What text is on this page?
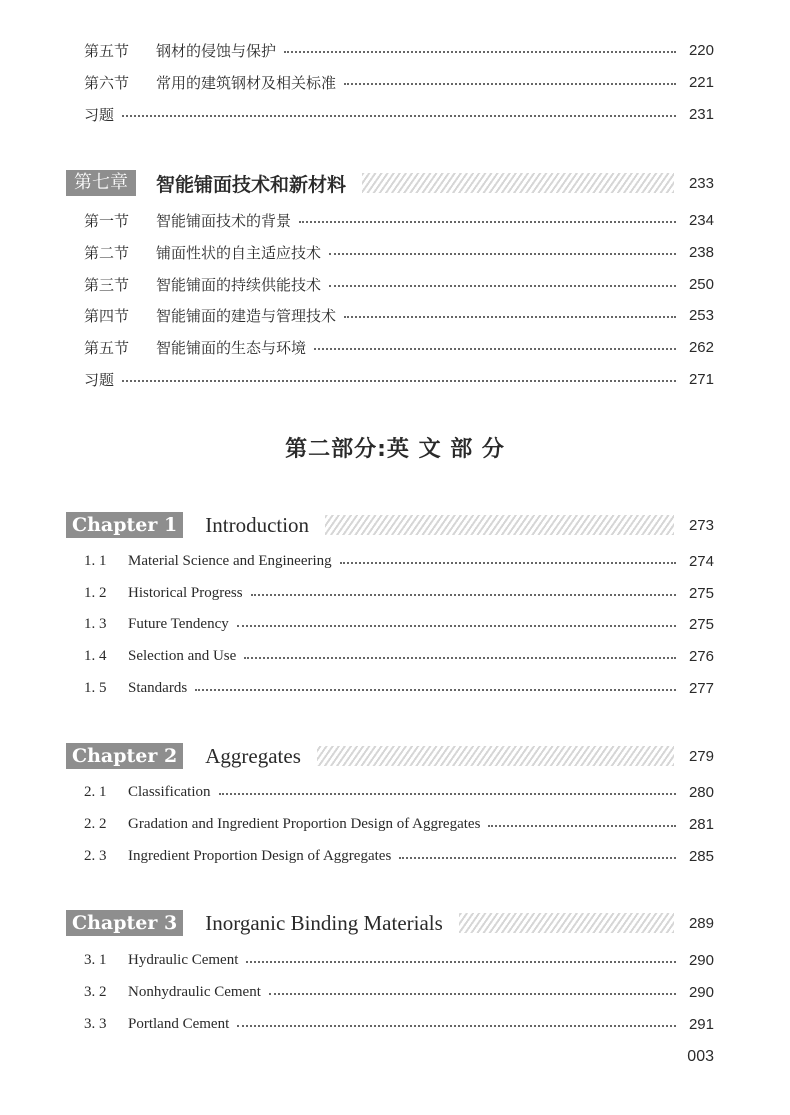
第五节	钢材的侵蚀与保护	220
第六节	常用的建筑钢材及相关标准	221
习题	231
第七章	智能铺面技术和新材料	233
第一节	智能铺面技术的背景	234
第二节	铺面性状的自主适应技术	238
第三节	智能铺面的持续供能技术	250
第四节	智能铺面的建造与管理技术	253
第五节	智能铺面的生态与环境	262
习题	271
第二部分:英 文 部 分
Chapter 1 Introduction	273
1. 1	Material Science and Engineering	274
1. 2	Historical Progress	275
1. 3	Future Tendency	275
1. 4	Selection and Use	276
1. 5	Standards	277
Chapter 2 Aggregates	279
2. 1	Classification	280
2. 2	Gradation and Ingredient Proportion Design of Aggregates	281
2. 3	Ingredient Proportion Design of Aggregates	285
Chapter 3 Inorganic Binding Materials	289
3. 1	Hydraulic Cement	290
3. 2	Nonhydraulic Cement	290
3. 3	Portland Cement	291
003
